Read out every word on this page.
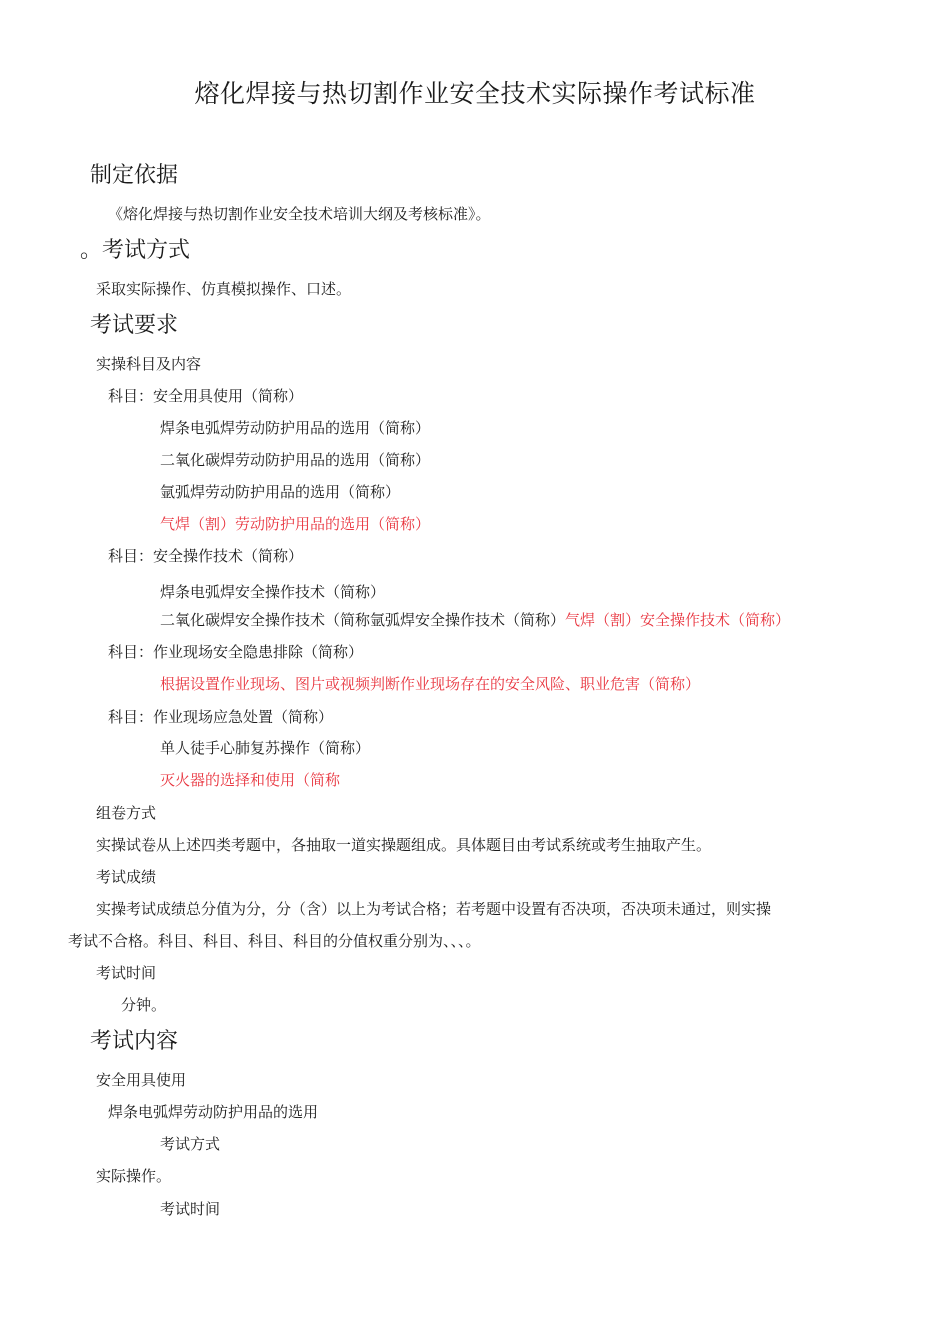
熔化焊接与热切割作业安全技术实际操作考试标准
制定依据
《熔化焊接与热切割作业安全技术培训大纲及考核标准》。
。考试方式
采取实际操作、仿真模拟操作、口述。
考试要求
实操科目及内容
科目：安全用具使用（简称）
焊条电弧焊劳动防护用品的选用（简称）
二氧化碳焊劳动防护用品的选用（简称）
氩弧焊劳动防护用品的选用（简称）
气焊（割）劳动防护用品的选用（简称）
科目：安全操作技术（简称）
焊条电弧焊安全操作技术（简称）
二氧化碳焊安全操作技术（简称氩弧焊安全操作技术（简称）气焊（割）安全操作技术（简称）
科目：作业现场安全隐患排除（简称）
根据设置作业现场、图片或视频判断作业现场存在的安全风险、职业危害（简称）
科目：作业现场应急处置（简称）
单人徒手心肺复苏操作（简称）
灭火器的选择和使用（简称
组卷方式
实操试卷从上述四类考题中，各抽取一道实操题组成。具体题目由考试系统或考生抽取产生。
考试成绩
实操考试成绩总分值为分，分（含）以上为考试合格；若考题中设置有否决项，否决项未通过，则实操
考试不合格。科目、科目、科目、科目的分值权重分别为、、、。
考试时间
分钟。
考试内容
安全用具使用
焊条电弧焊劳动防护用品的选用
考试方式
实际操作。
考试时间
